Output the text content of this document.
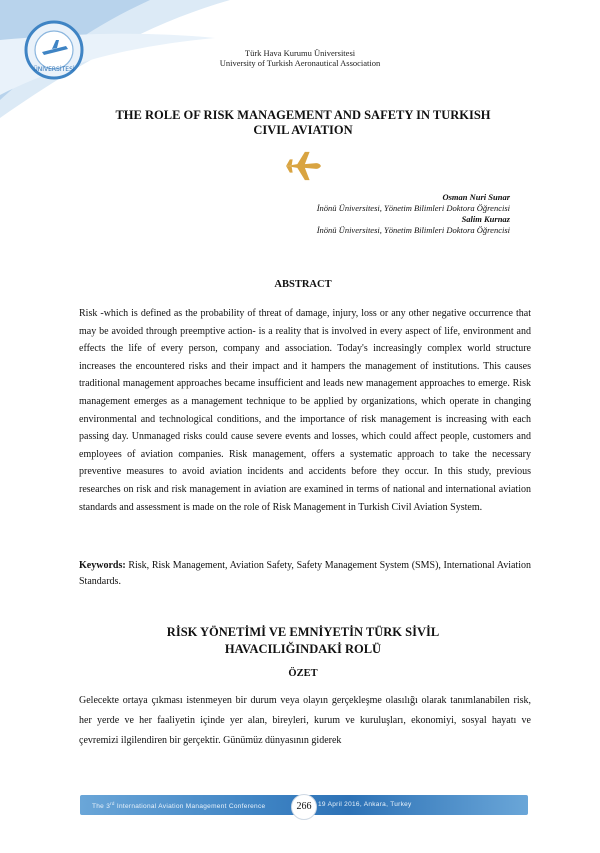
ÜNİVERSİTESİ
Türk Hava Kurumu Üniversitesi
University of Turkish Aeronautical Association
THE ROLE OF RISK MANAGEMENT AND SAFETY IN TURKISH
CIVIL AVIATION
Osman Nuri Sunar
İnönü Üniversitesi, Yönetim Bilimleri Doktora Öğrencisi
Salim Kurnaz
İnönü Üniversitesi, Yönetim Bilimleri Doktora Öğrencisi
ABSTRACT

Risk -which is defined as the probability of threat of damage, injury, loss or any other negative occurrence that may be avoided through preemptive action- is a reality that is involved in every aspect of life, environment and effects the life of every person, company and association. Today's increasingly complex world structure increases the encountered risks and their impact and it hampers the management of institutions. This causes traditional management approaches became insufficient and leads new management approaches to emerge. Risk management emerges as a management technique to be applied by organizations, which operate in changing environmental and technological conditions, and the importance of risk management is increasing with each passing day. Unmanaged risks could cause severe events and losses, which could affect people, customers and employees of aviation companies. Risk management, offers a systematic approach to take the necessary preventive measures to avoid aviation incidents and accidents before they occur. In this study, previous researches on risk and risk management in aviation are examined in terms of national and international aviation standards and assessment is made on the role of Risk Management in Turkish Civil Aviation System.

Keywords: Risk, Risk Management, Aviation Safety, Safety Management System (SMS), International Aviation Standards.

RİSK YÖNETİMİ VE EMNİYETİN TÜRK SİVİL
HAVACILIĞINDAKİ ROLÜ
ÖZET

Gelecekte ortaya çıkması istenmeyen bir durum veya olayın gerçekleşme olasılığı olarak tanımlanabilen risk, her yerde ve her faaliyetin içinde yer alan, bireyleri, kurum ve kuruluşları, ekonomiyi, sosyal hayatı ve çevremizi ilgilendiren bir gerçektir. Günümüz dünyasının giderek

The 3rd International Aviation Management Conference	266	19 April 2016, Ankara, Turkey
